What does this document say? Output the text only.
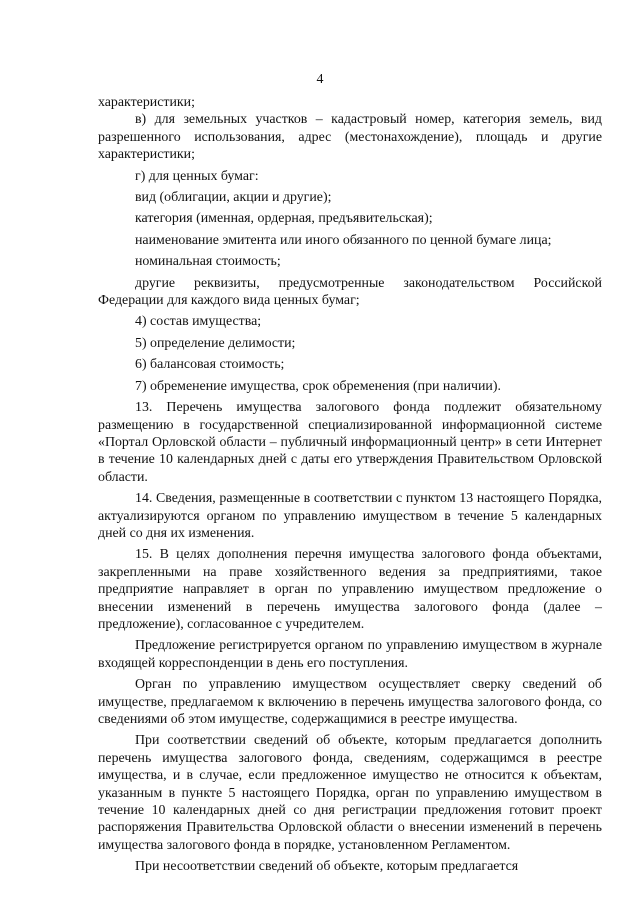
4

характеристики;

в) для земельных участков – кадастровый номер, категория земель, вид разрешенного использования, адрес (местонахождение), площадь и другие характеристики;

г) для ценных бумаг:

вид (облигации, акции и другие);

категория (именная, ордерная, предъявительская);

наименование эмитента или иного обязанного по ценной бумаге лица;

номинальная стоимость;

другие реквизиты, предусмотренные законодательством Российской Федерации для каждого вида ценных бумаг;

4) состав имущества;

5) определение делимости;

6) балансовая стоимость;

7) обременение имущества, срок обременения (при наличии).

13. Перечень имущества залогового фонда подлежит обязательному размещению в государственной специализированной информационной системе «Портал Орловской области – публичный информационный центр» в сети Интернет в течение 10 календарных дней с даты его утверждения Правительством Орловской области.

14. Сведения, размещенные в соответствии с пунктом 13 настоящего Порядка, актуализируются органом по управлению имуществом в течение 5 календарных дней со дня их изменения.

15. В целях дополнения перечня имущества залогового фонда объектами, закрепленными на праве хозяйственного ведения за предприятиями, такое предприятие направляет в орган по управлению имуществом предложение о внесении изменений в перечень имущества залогового фонда (далее – предложение), согласованное с учредителем.

Предложение регистрируется органом по управлению имуществом в журнале входящей корреспонденции в день его поступления.

Орган по управлению имуществом осуществляет сверку сведений об имуществе, предлагаемом к включению в перечень имущества залогового фонда, со сведениями об этом имуществе, содержащимися в реестре имущества.

При соответствии сведений об объекте, которым предлагается дополнить перечень имущества залогового фонда, сведениям, содержащимся в реестре имущества, и в случае, если предложенное имущество не относится к объектам, указанным в пункте 5 настоящего Порядка, орган по управлению имуществом в течение 10 календарных дней со дня регистрации предложения готовит проект распоряжения Правительства Орловской области о внесении изменений в перечень имущества залогового фонда в порядке, установленном Регламентом.

При несоответствии сведений об объекте, которым предлагается
